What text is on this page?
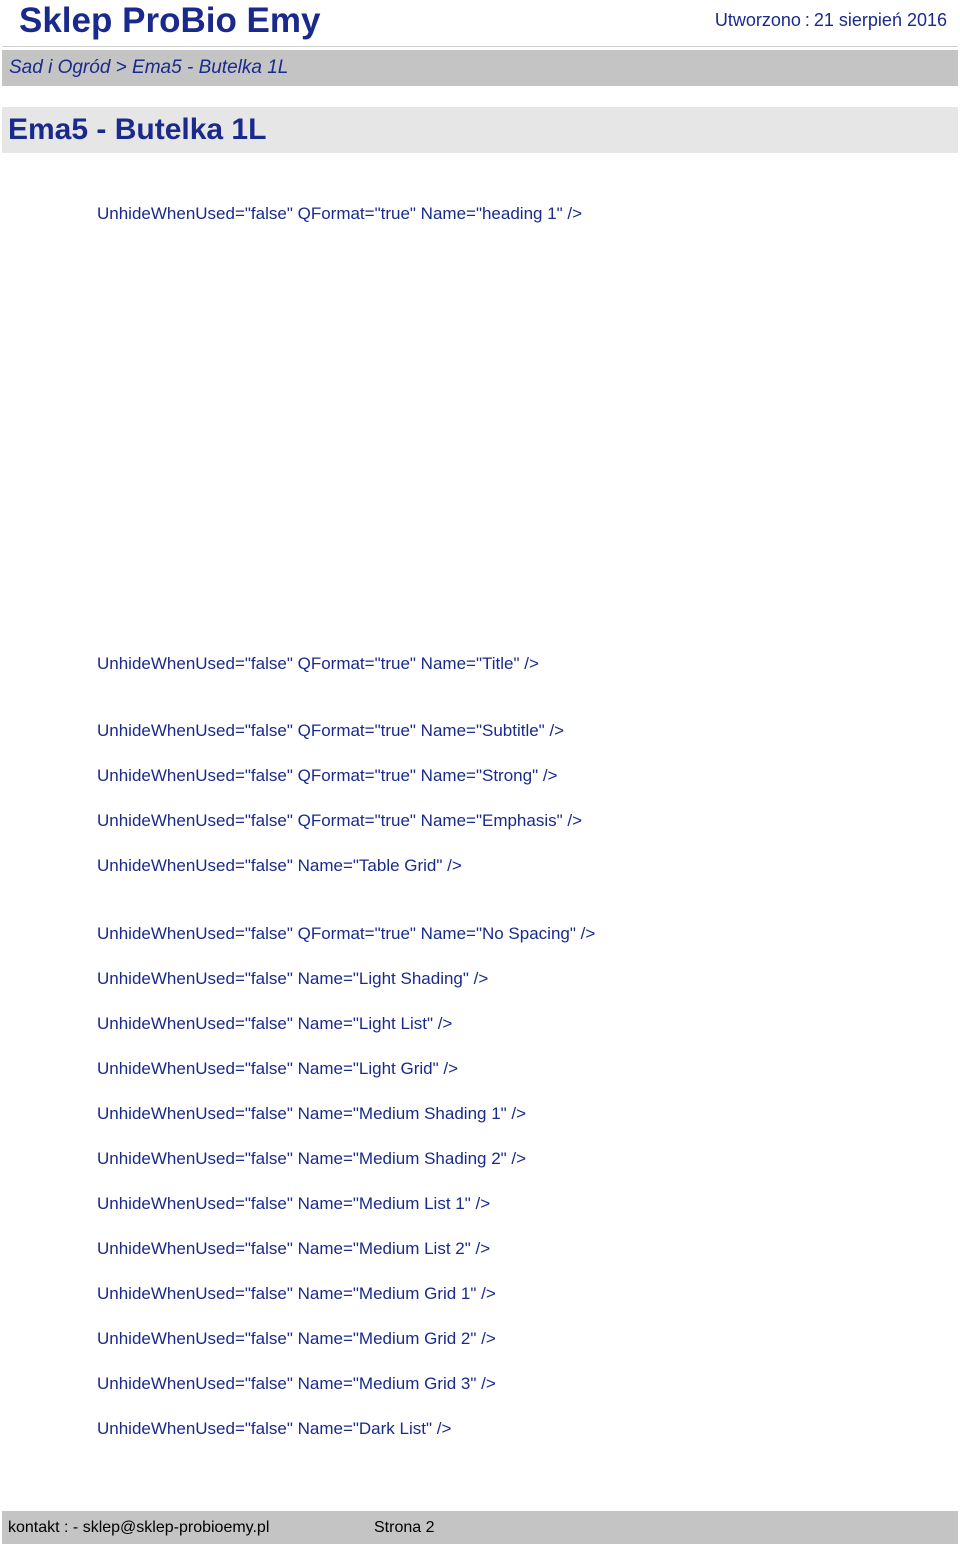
Sklep ProBio Emy	Utworzono : 21 sierpień 2016
Sad i Ogród > Ema5 - Butelka 1L
Ema5 - Butelka 1L
UnhideWhenUsed="false" QFormat="true" Name="heading 1" />
UnhideWhenUsed="false" QFormat="true" Name="Title" />
UnhideWhenUsed="false" QFormat="true" Name="Subtitle" />
UnhideWhenUsed="false" QFormat="true" Name="Strong" />
UnhideWhenUsed="false" QFormat="true" Name="Emphasis" />
UnhideWhenUsed="false" Name="Table Grid" />
UnhideWhenUsed="false" QFormat="true" Name="No Spacing" />
UnhideWhenUsed="false" Name="Light Shading" />
UnhideWhenUsed="false" Name="Light List" />
UnhideWhenUsed="false" Name="Light Grid" />
UnhideWhenUsed="false" Name="Medium Shading 1" />
UnhideWhenUsed="false" Name="Medium Shading 2" />
UnhideWhenUsed="false" Name="Medium List 1" />
UnhideWhenUsed="false" Name="Medium List 2" />
UnhideWhenUsed="false" Name="Medium Grid 1" />
UnhideWhenUsed="false" Name="Medium Grid 2" />
UnhideWhenUsed="false" Name="Medium Grid 3" />
UnhideWhenUsed="false" Name="Dark List" />
kontakt : - sklep@sklep-probioemy.pl	Strona 2
